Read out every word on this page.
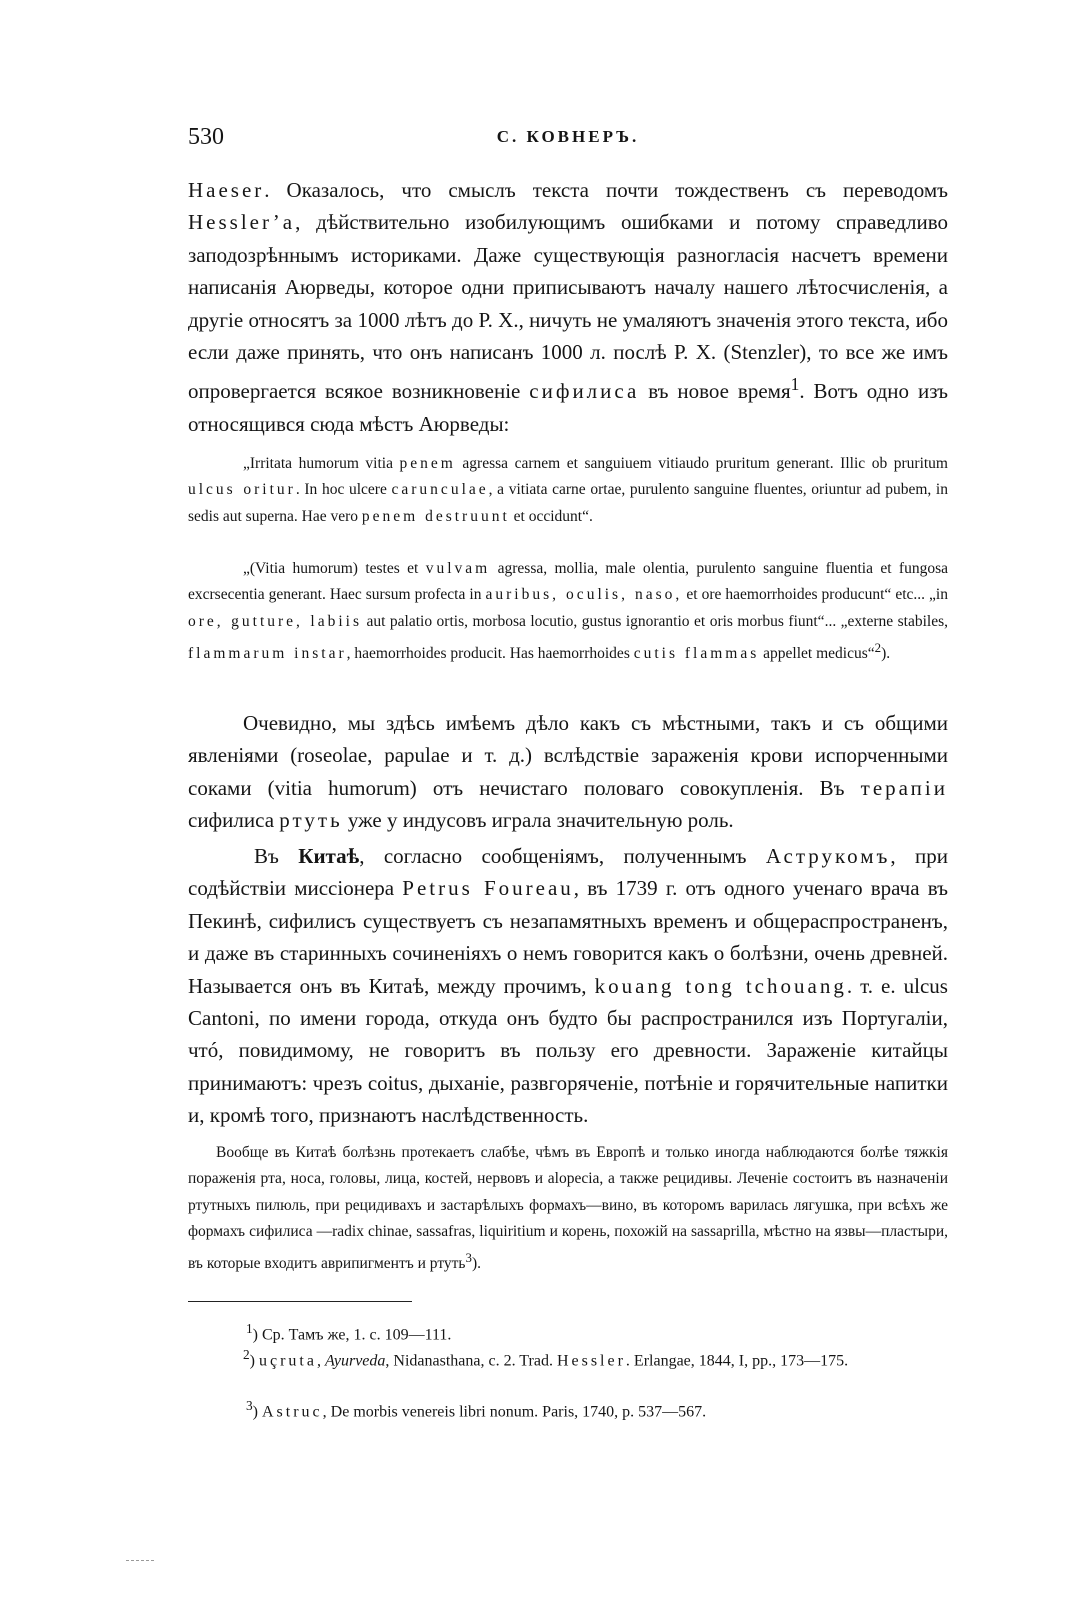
530	С. КОВНЕРЪ.

Haeser. Оказалось, что смыслъ текста почти тождественъ съ переводомъ Hessler’a, дѣйствительно изобилующимъ ошибками и потому справедливо заподозрѣннымъ историками. Даже существующія разногласія насчетъ времени написанія Аюрведы, которое одни приписываютъ началу нашего лѣтосчисленія, а другіе относятъ за 1000 лѣтъ до Р. X., ничуть не умаляютъ значенія этого текста, ибо если даже принять, что онъ написанъ 1000 л. послѣ Р. X. (Stenzler), то все же имъ опровергается всякое возникновеніе сифилиса въ новое время$^1$. Вотъ одно изъ относящився сюда мѣстъ Аюрведы:

„Irritata humorum vitia penem agressa carnem et sanguiuem vitiaudo pruritum generant. Illic ob pruritum ulcus oritur. In hoc ulcere carunculae, a vitiata carne ortae, purulento sanguine fluentes, oriuntur ad pubem, in sedis aut superna. Hae vero penem destruunt et occidunt“.

„(Vitia humorum) testes et vulvam agressa, mollia, male olentia, purulento sanguine fluentia et fungosa excrsecentia generant. Haec sursum profecta in auribus, oculis, naso, et ore haemorrhoides producunt“ etc... „in ore, gutture, labiis aut palatio ortis, morbosa locutio, gustus ignorantio et oris morbus fiunt“... „externe stabiles, flammarum instar, haemorrhoides producit. Has haemorrhoides cutis flammas appellet medicus“$^2$).

Очевидно, мы здѣсь имѣемъ дѣло какъ съ мѣстными, такъ и съ общими явленіями (roseolae, papulae и т. д.) вслѣдствіе зараженія крови испорченными соками (vitia humorum) отъ нечистаго половаго совокупленія. Въ терапіи сифилиса ртуть уже у индусовъ играла значительную роль.

Въ Китаѣ, согласно сообщеніямъ, полученнымъ Аструкомъ, при содѣйствіи миссіонера Petrus Foureau, въ 1739 г. отъ одного ученаго врача въ Пекинѣ, сифилисъ существуетъ съ незапамятныхъ временъ и общераспространенъ, и даже въ старинныхъ сочиненіяхъ о немъ говорится какъ о болѣзни, очень древней. Называется онъ въ Китаѣ, между прочимъ, kouang tong tchouang. т. е. ulcus Cantoni, по имени города, откуда онъ будто бы распространился изъ Португаліи, чтó, повидимому, не говоритъ въ пользу его древности. Зараженіе китайцы принимаютъ: чрезъ coitus, дыханіе, развгоряченіе, потѣніе и горячительные напитки и, кромѣ того, признаютъ наслѣдственность.

Вообще въ Китаѣ болѣзнь протекаетъ слабѣе, чѣмъ въ Европѣ и только иногда наблюдаются болѣе тяжкія пораженія рта, носа, головы, лица, костей, нервовъ и alopecia, а также рецидивы. Леченіе состоитъ въ назначеніи ртутныхъ пилюль, при рецидивахъ и застарѣлыхъ формахъ—вино, въ которомъ варилась лягушка, при всѣхъ же формахъ сифилиса —radix chinae, sassafras, liquiritium и корень, похожій на sassaprilla, мѣстно на язвы—пластыри, въ которые входитъ аврипигментъ и ртуть$^3$).

$^1$) Ср. Тамъ же, 1. с. 109—111.

$^2$) uçruta, Ayurveda, Nidanasthana, c. 2. Trad. Hessler. Erlangae, 1844, I, pp., 173—175.

$^3$) Astruc, De morbis venereis libri nonum. Paris, 1740, p. 537—567.
